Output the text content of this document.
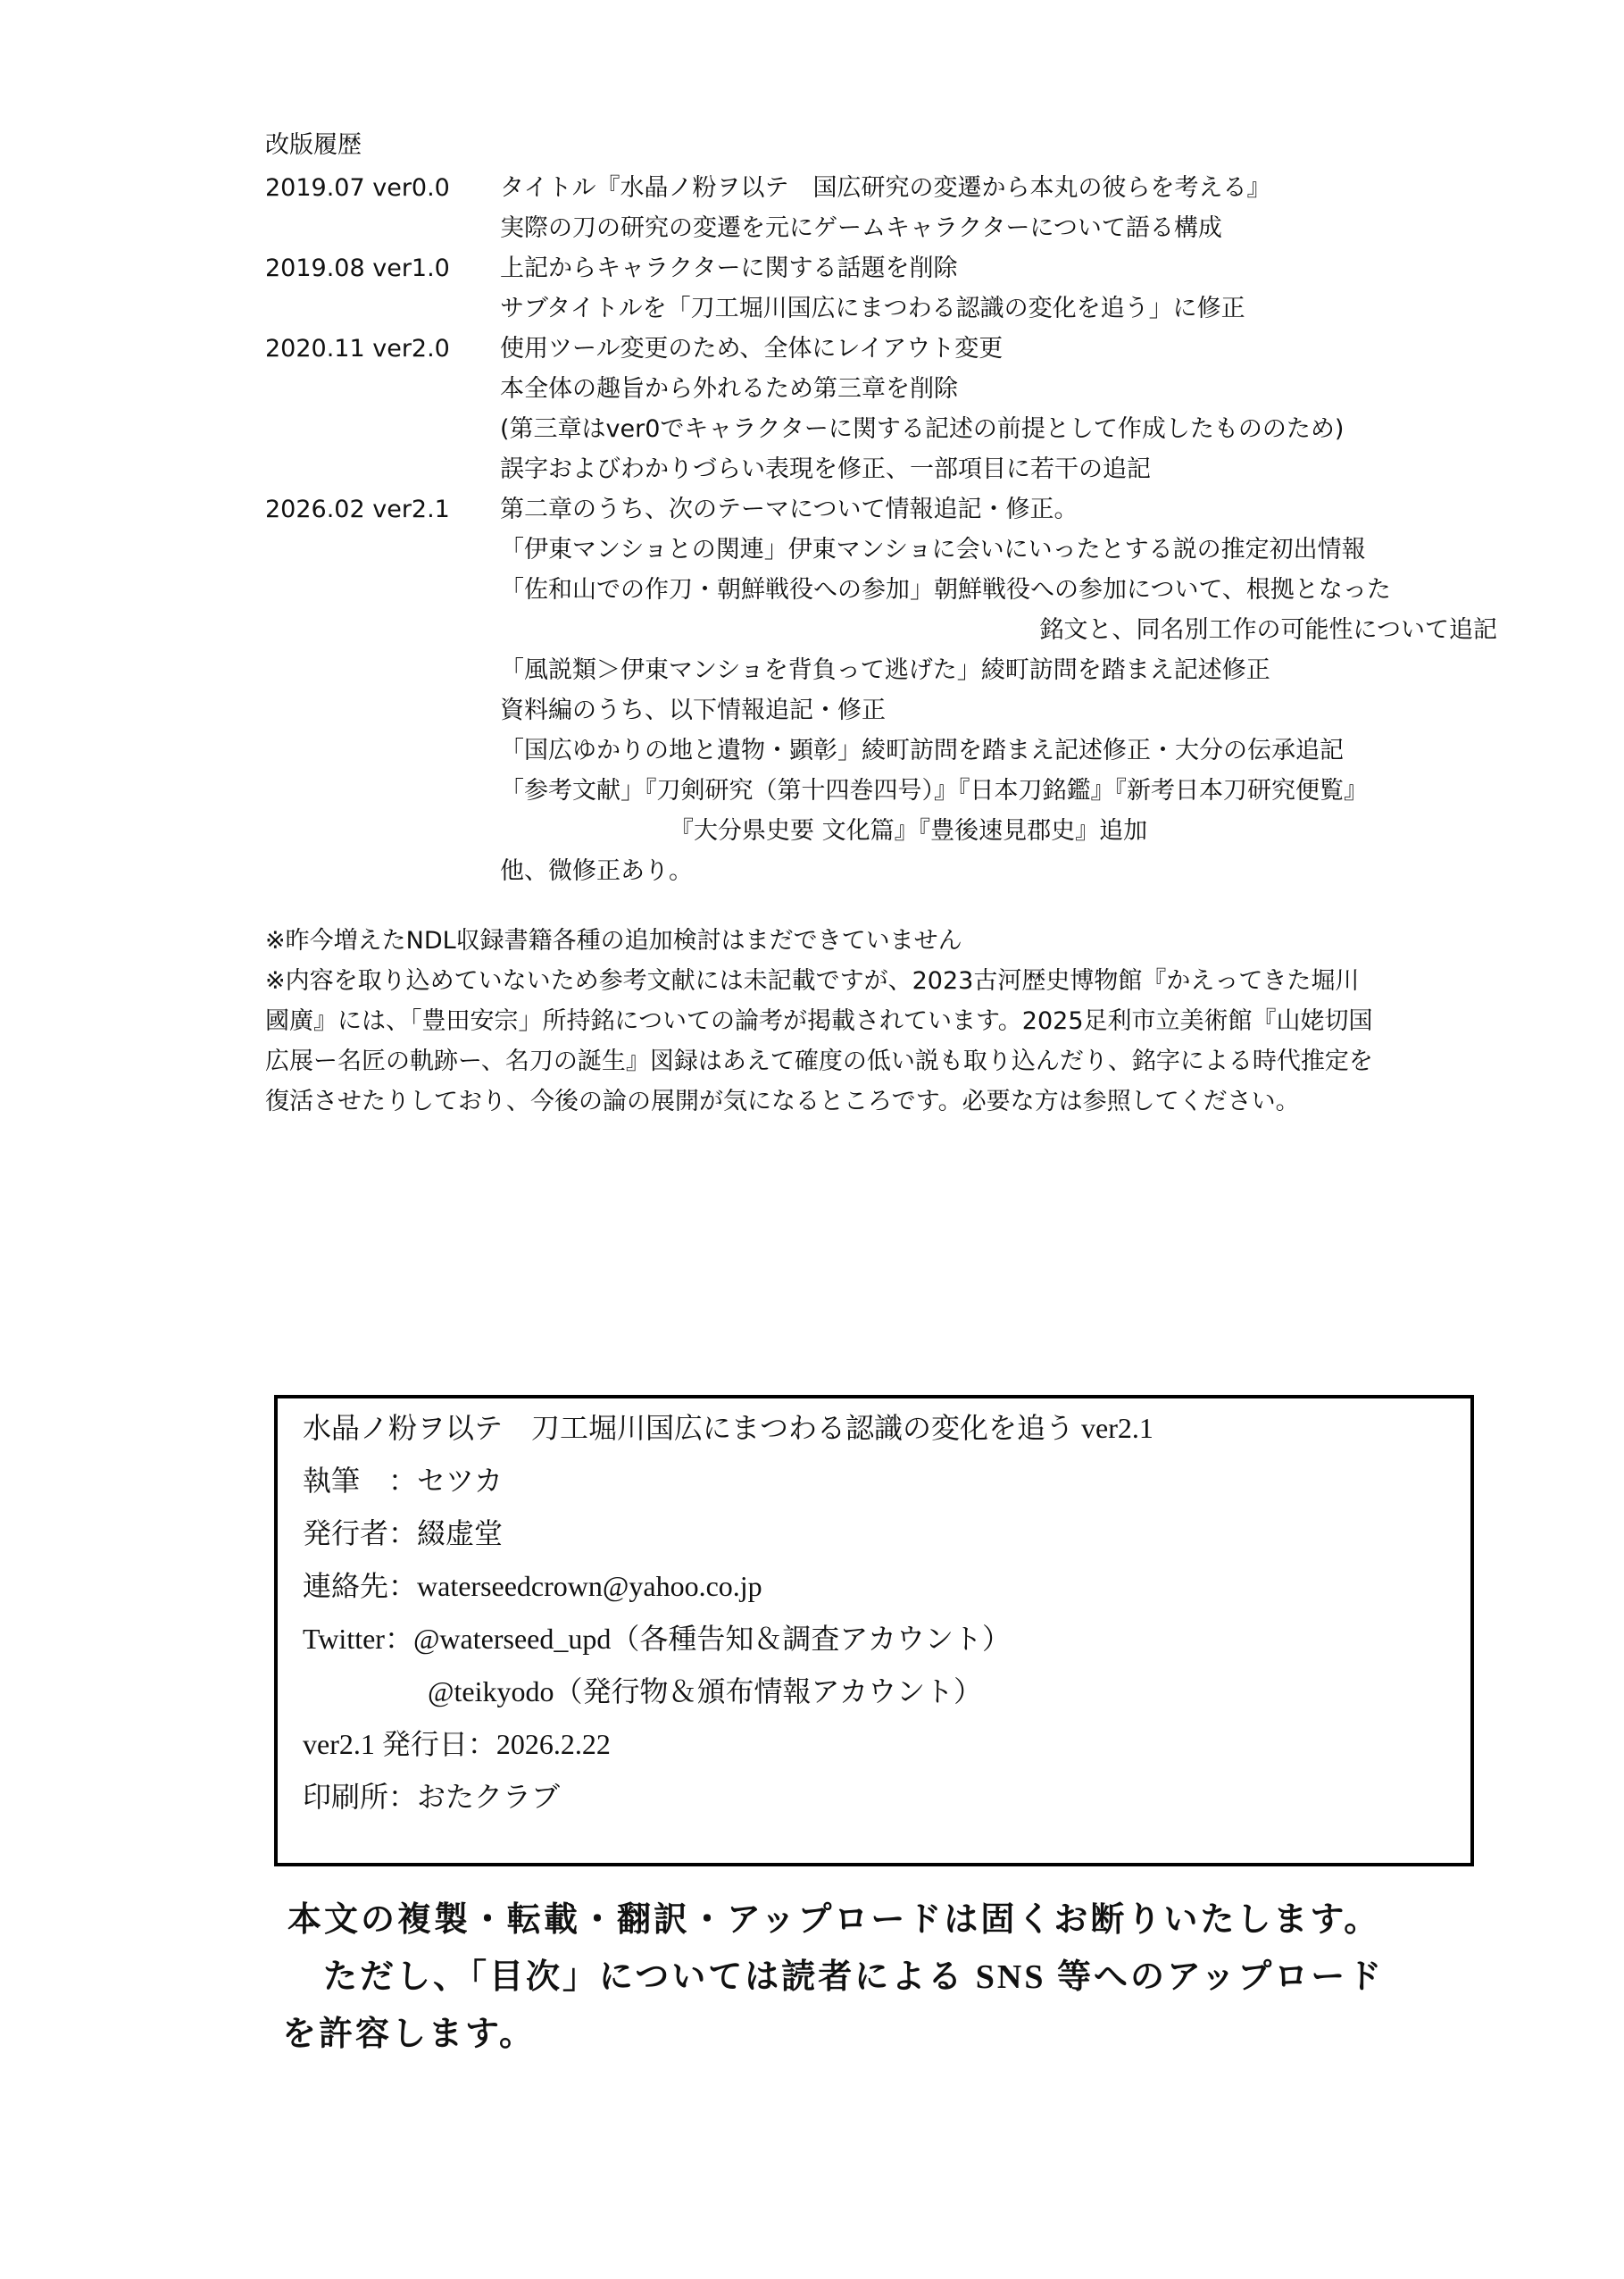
改版履歴
2019.07 ver0.0	タイトル『水晶ノ粉ヲ以テ　国広研究の変遷から本丸の彼らを考える』
実際の刀の研究の変遷を元にゲームキャラクターについて語る構成
2019.08 ver1.0	上記からキャラクターに関する話題を削除
サブタイトルを「刀工堀川国広にまつわる認識の変化を追う」に修正
2020.11 ver2.0	使用ツール変更のため、全体にレイアウト変更
本全体の趣旨から外れるため第三章を削除
(第三章はver0でキャラクターに関する記述の前提として作成したもののため)
誤字およびわかりづらい表現を修正、一部項目に若干の追記
2026.02 ver2.1	第二章のうち、次のテーマについて情報追記・修正。
「伊東マンショとの関連」伊東マンショに会いにいったとする説の推定初出情報
「佐和山での作刀・朝鮮戦役への参加」朝鮮戦役への参加について、根拠となった
銘文と、同名別工作の可能性について追記
「風説類＞伊東マンショを背負って逃げた」綾町訪問を踏まえ記述修正
資料編のうち、以下情報追記・修正
「国広ゆかりの地と遺物・顕彰」綾町訪問を踏まえ記述修正・大分の伝承追記
「参考文献」『刀剣研究（第十四巻四号）』『日本刀銘鑑』『新考日本刀研究便覧』
『大分県史要 文化篇』『豊後速見郡史』追加
他、微修正あり。
※昨今増えたNDL収録書籍各種の追加検討はまだできていません
※内容を取り込めていないため参考文献には未記載ですが、2023古河歴史博物館『かえってきた堀川
國廣』には、「豊田安宗」所持銘についての論考が掲載されています。2025足利市立美術館『山姥切国
広展ー名匠の軌跡ー、名刀の誕生』図録はあえて確度の低い説も取り込んだり、銘字による時代推定を
復活させたりしており、今後の論の展開が気になるところです。必要な方は参照してください。
水晶ノ粉ヲ以テ　刀工堀川国広にまつわる認識の変化を追う ver2.1
執筆　：セツカ
発行者：綴虚堂
連絡先：waterseedcrown@yahoo.co.jp
Twitter：@waterseed_upd（各種告知＆調査アカウント）
@teikyodo（発行物＆頒布情報アカウント）
ver2.1 発行日：2026.2.22
印刷所：おたクラブ
本文の複製・転載・翻訳・アップロードは固くお断りいたします。
ただし、「目次」については読者による SNS 等へのアップロード
を許容します。
